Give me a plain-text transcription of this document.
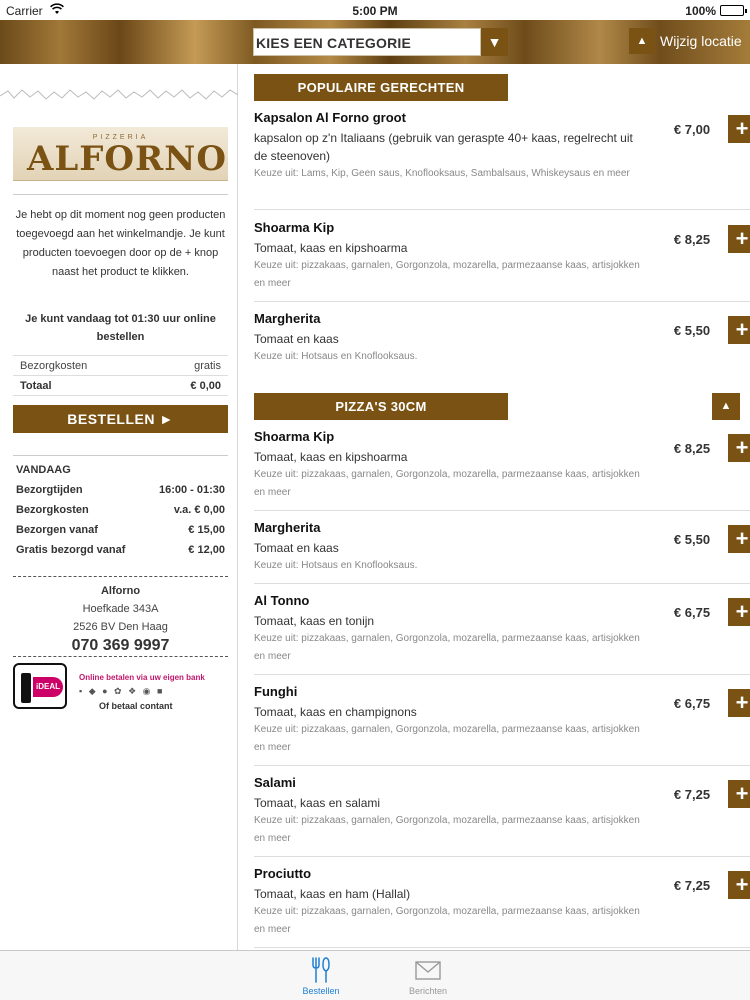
Carrier	5:00 PM	100%
KIES EEN CATEGORIE	▼	▲ Wijzig locatie
PIZZERIA
ALFORNO
Je hebt op dit moment nog geen producten toegevoegd aan het winkelmandje. Je kunt producten toevoegen door op de + knop naast het product te klikken.
Je kunt vandaag tot 01:30 uur online bestellen
Bezorgkosten	gratis
Totaal	€ 0,00
BESTELLEN ►
VANDAAG
Bezorgtijden	16:00 - 01:30
Bezorgkosten	v.a. € 0,00
Bezorgen vanaf	€ 15,00
Gratis bezorgd vanaf	€ 12,00
Alforno
Hoefkade 343A
2526 BV Den Haag
070 369 9997
iDEAL
Online betalen via uw eigen bank
▪ ◆ ● ✿ ❖ ◉ ■
Of betaal contant
POPULAIRE GERECHTEN
Kapsalon Al Forno groot
kapsalon op z'n Italiaans (gebruik van geraspte 40+ kaas, regelrecht uit de steenoven)
Keuze uit: Lams, Kip, Geen saus, Knoflooksaus, Sambalsaus, Whiskeysaus en meer
€ 7,00	+
Shoarma Kip
Tomaat, kaas en kipshoarma
Keuze uit: pizzakaas, garnalen, Gorgonzola, mozarella, parmezaanse kaas, artisjokken en meer
€ 8,25	+
Margherita
Tomaat en kaas
Keuze uit: Hotsaus en Knoflooksaus.
€ 5,50	+
PIZZA'S 30CM	▲
Shoarma Kip
Tomaat, kaas en kipshoarma
Keuze uit: pizzakaas, garnalen, Gorgonzola, mozarella, parmezaanse kaas, artisjokken en meer
€ 8,25	+
Margherita
Tomaat en kaas
Keuze uit: Hotsaus en Knoflooksaus.
€ 5,50	+
Al Tonno
Tomaat, kaas en tonijn
Keuze uit: pizzakaas, garnalen, Gorgonzola, mozarella, parmezaanse kaas, artisjokken en meer
€ 6,75	+
Funghi
Tomaat, kaas en champignons
Keuze uit: pizzakaas, garnalen, Gorgonzola, mozarella, parmezaanse kaas, artisjokken en meer
€ 6,75	+
Salami
Tomaat, kaas en salami
Keuze uit: pizzakaas, garnalen, Gorgonzola, mozarella, parmezaanse kaas, artisjokken en meer
€ 7,25	+
Prociutto
Tomaat, kaas en ham (Hallal)
Keuze uit: pizzakaas, garnalen, Gorgonzola, mozarella, parmezaanse kaas, artisjokken en meer
€ 7,25	+
Bestellen	Berichten
